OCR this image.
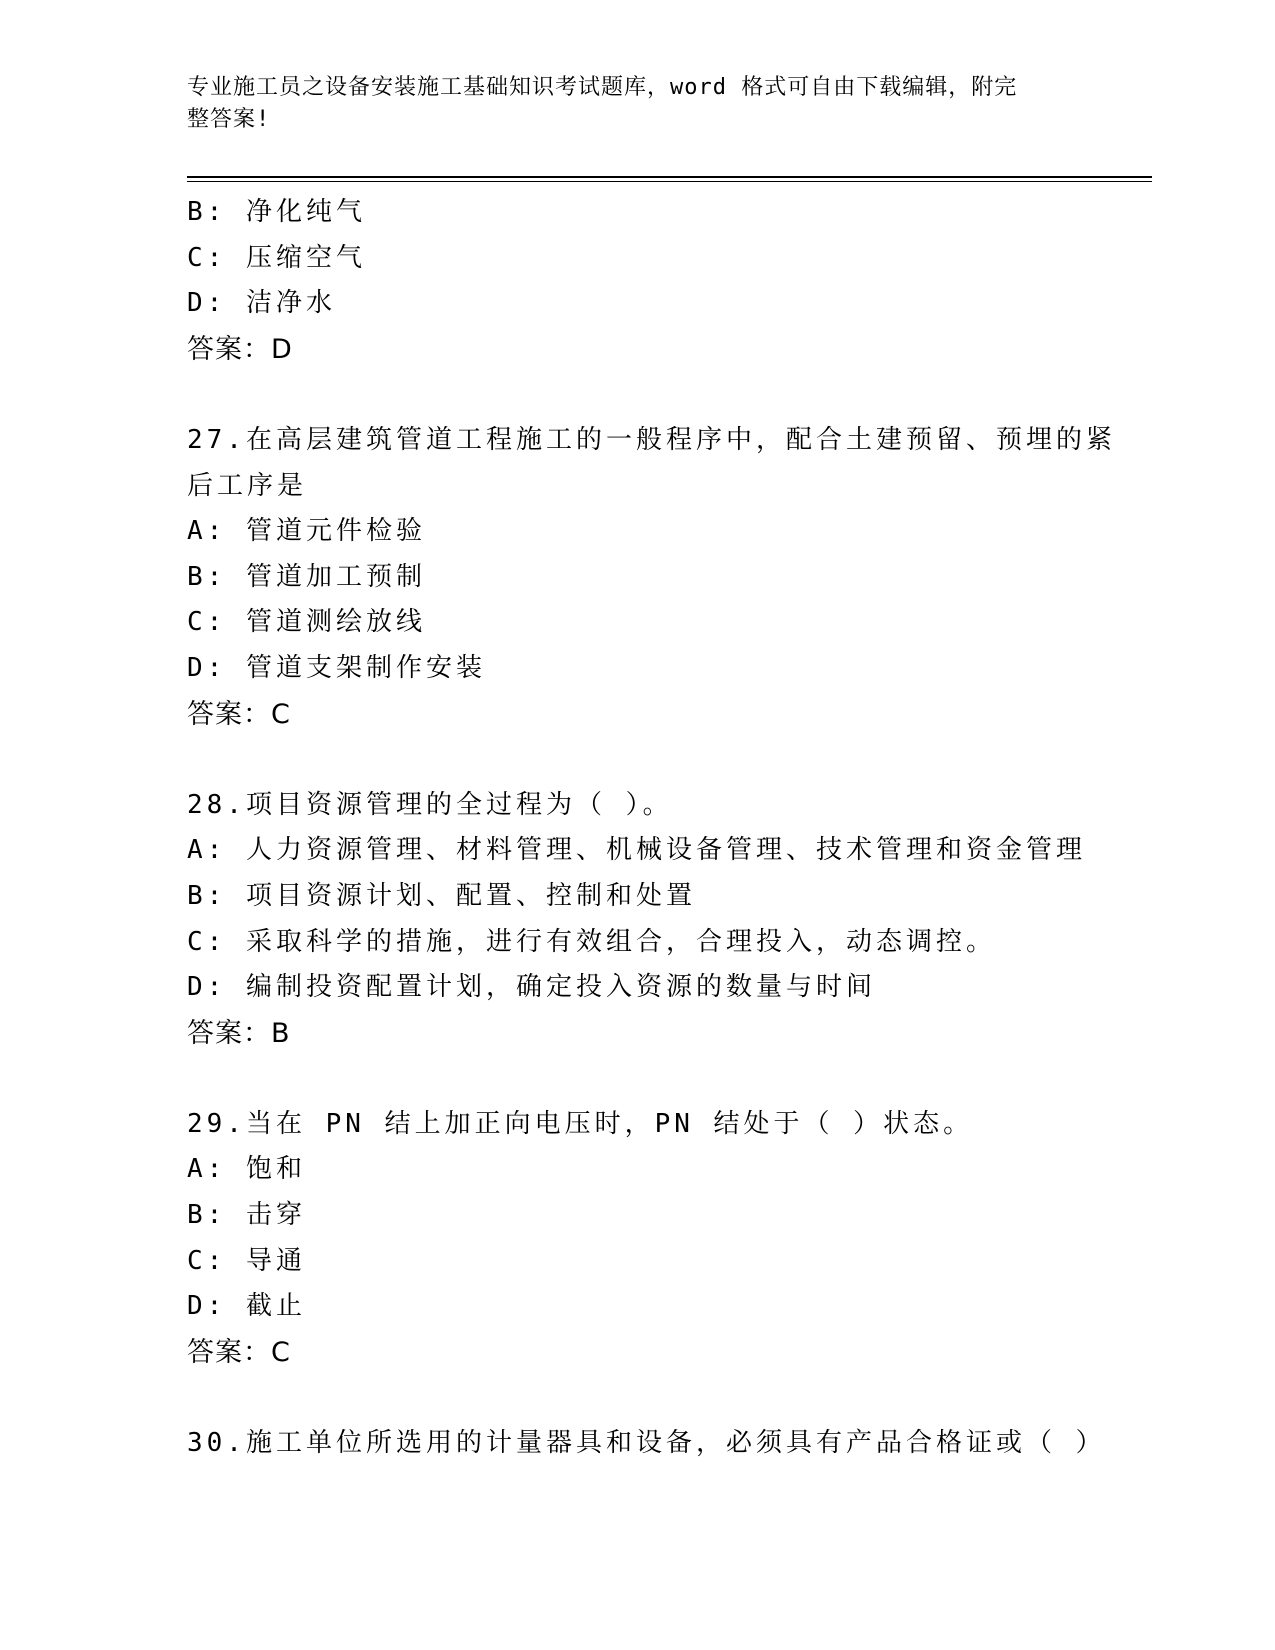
专业施工员之设备安装施工基础知识考试题库，word 格式可自由下载编辑，附完
整答案!
B: 净化纯气
C: 压缩空气
D: 洁净水
答案：D
27.在高层建筑管道工程施工的一般程序中，配合土建预留、预埋的紧
后工序是
A: 管道元件检验
B: 管道加工预制
C: 管道测绘放线
D: 管道支架制作安装
答案：C
28.项目资源管理的全过程为（ ）。
A: 人力资源管理、材料管理、机械设备管理、技术管理和资金管理
B: 项目资源计划、配置、控制和处置
C: 采取科学的措施，进行有效组合，合理投入，动态调控。
D: 编制投资配置计划，确定投入资源的数量与时间
答案：B
29.当在 PN 结上加正向电压时，PN 结处于（ ）状态。
A: 饱和
B: 击穿
C: 导通
D: 截止
答案：C
30.施工单位所选用的计量器具和设备，必须具有产品合格证或（ ）
